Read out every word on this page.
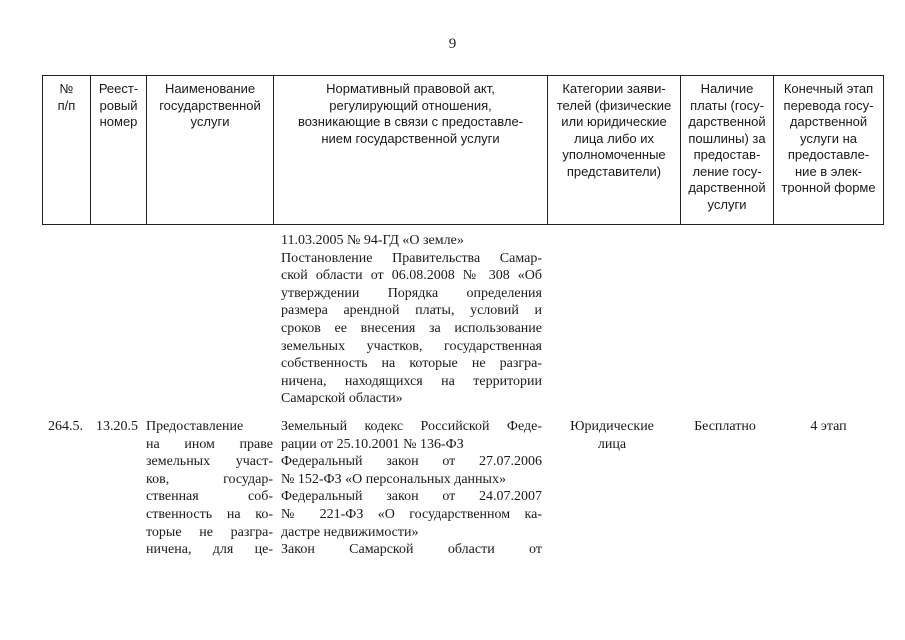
9
№
п/п
Реест-
ровый
номер
Наименование
государственной
услуги
Нормативный правовой акт,
регулирующий отношения,
возникающие в связи с предоставле-
нием государственной услуги
Категории заяви-
телей (физические
или юридические
лица либо их
уполномоченные
представители)
Наличие
платы (госу-
дарственной
пошлины) за
предостав-
ление госу-
дарственной
услуги
Конечный этап
перевода госу-
дарственной
услуги на
предоставле-
ние в элек-
тронной форме
11.03.2005 № 94-ГД «О земле»
Постановление Правительства Самар-
ской области от 06.08.2008 № 308 «Об
утверждении Порядка определения
размера арендной платы, условий и
сроков ее внесения за использование
земельных участков, государственная
собственность на которые не разгра-
ничена, находящихся на территории
Самарской области»
264.5. 13.20.5 Предоставление
на ином праве
земельных участ-
ков, государ-
ственная соб-
ственность на ко-
торые не разгра-
ничена, для це-
Земельный кодекс Российской Феде-
рации от 25.10.2001 № 136-ФЗ
Федеральный закон от 27.07.2006
№ 152-ФЗ «О персональных данных»
Федеральный закон от 24.07.2007
№ 221-ФЗ «О государственном ка-
дастре недвижимости»
Закон Самарской области от
Юридические
лица
Бесплатно	4 этап
